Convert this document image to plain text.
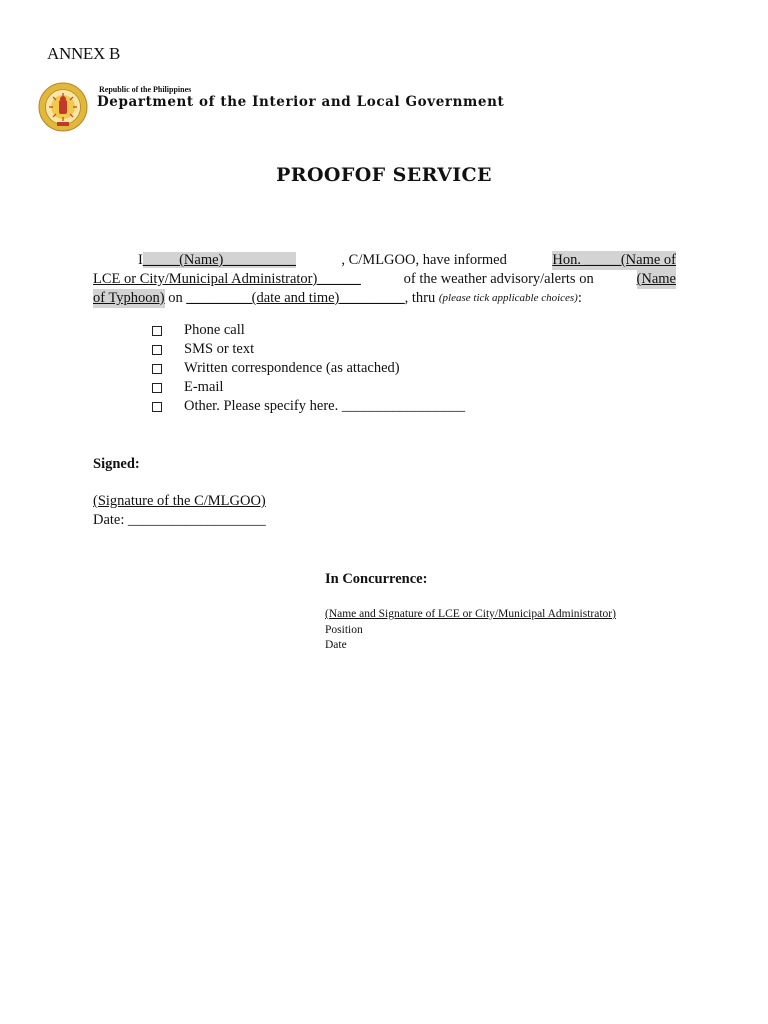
ANNEX B
Republic of the Philippines
Department of the Interior and Local Government
PROOFOF SERVICE
I_____(Name)__________	, C/MLGOO, have informed	Hon. _____(Name of
LCE or City/Municipal Administrator)______	of the weather advisory/alerts on	(Name
of Typhoon)
on
_________(date and time)_________ , thru
(please tick applicable choices) :
Phone call
SMS or text
Written correspondence (as attached)
E-mail
Other. Please specify here. _________________
Signed:
(Signature of the C/MLGOO)
Date: ___________________
In Concurrence:
(Name and Signature of LCE or City/Municipal Administrator)
Position
Date
